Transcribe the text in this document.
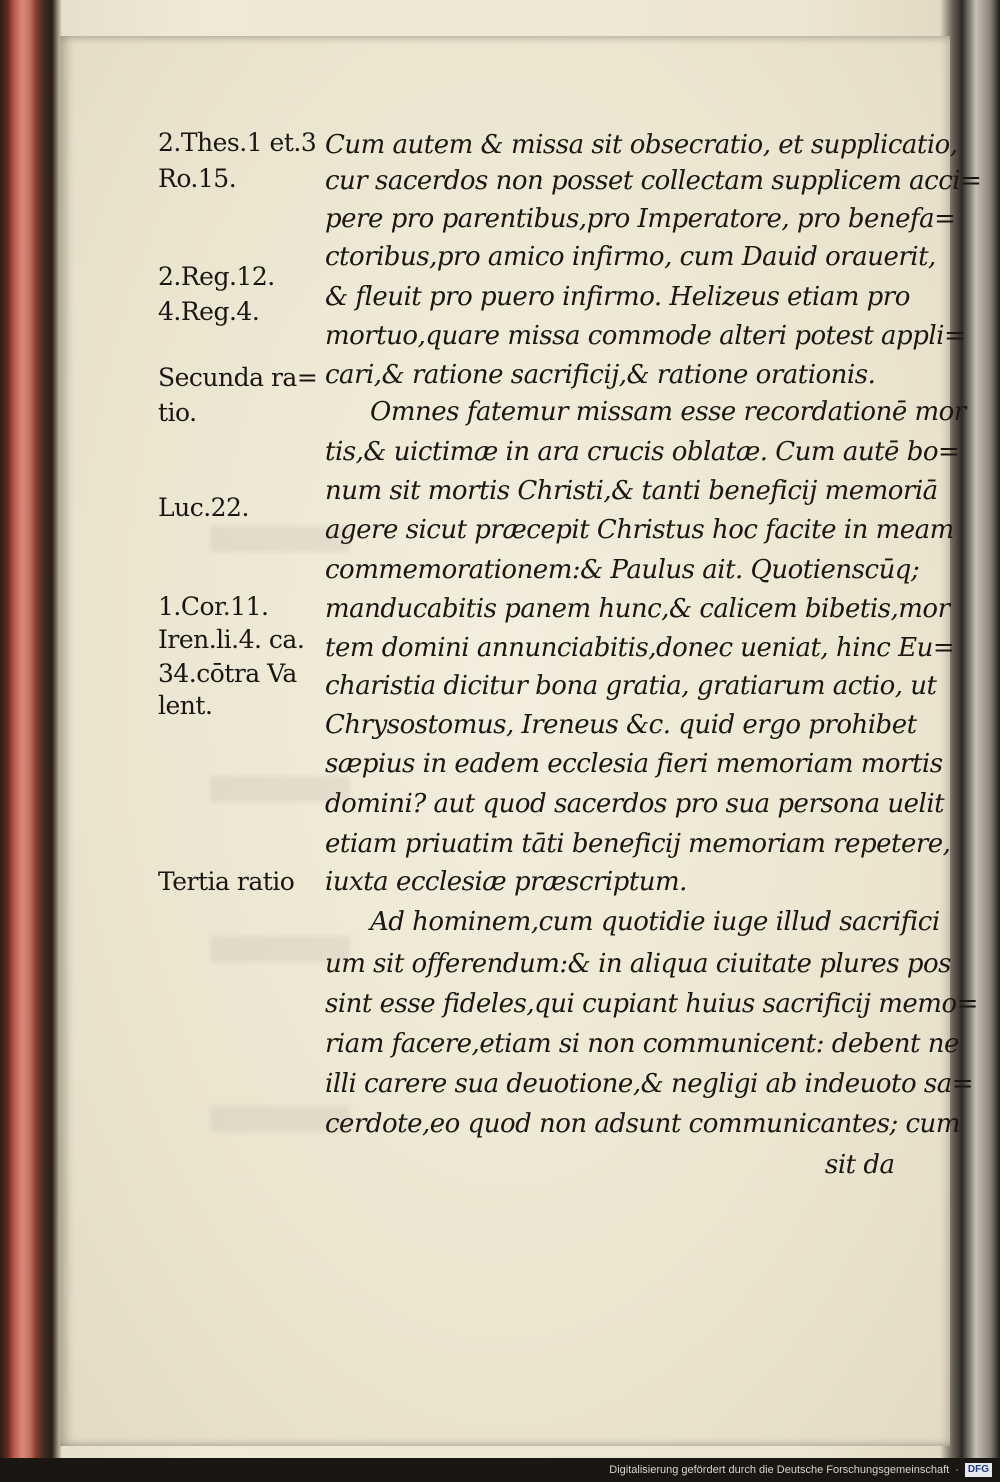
2.Thes.1 et.3
Ro.15.
2.Reg.12.
4.Reg.4.
Secunda ra=
tio.
Luc.22.
1.Cor.11.
Iren.li.4. ca.
34.cōtra Va
lent.
Tertia ratio
Cum autem & missa sit obsecratio, et supplicatio,
cur sacerdos non posset collectam supplicem acci=
pere pro parentibus,pro Imperatore, pro benefa=
ctoribus,pro amico infirmo, cum Dauid orauerit,
& fleuit pro puero infirmo. Helizeus etiam pro
mortuo,quare missa commode alteri potest appli=
cari,& ratione sacrificij,& ratione orationis.
Omnes fatemur missam esse recordationē mor
tis,& uictimæ in ara crucis oblatæ. Cum autē bo=
num sit mortis Christi,& tanti beneficij memoriā
agere sicut præcepit Christus hoc facite in meam
commemorationem:& Paulus ait. Quotienscūq;
manducabitis panem hunc,& calicem bibetis,mor
tem domini annunciabitis,donec ueniat, hinc Eu=
charistia dicitur bona gratia, gratiarum actio, ut
Chrysostomus, Ireneus &c. quid ergo prohibet
sæpius in eadem ecclesia fieri memoriam mortis
domini? aut quod sacerdos pro sua persona uelit
etiam priuatim tāti beneficij memoriam repetere,
iuxta ecclesiæ præscriptum.
Ad hominem,cum quotidie iuge illud sacrifici
um sit offerendum:& in aliqua ciuitate plures pos
sint esse fideles,qui cupiant huius sacrificij memo=
riam facere,etiam si non communicent: debent ne
illi carere sua deuotione,& negligi ab indeuoto sa=
cerdote,eo quod non adsunt communicantes; cum
sit da
Digitalisierung gefördert durch die Deutsche Forschungsgemeinschaft · DFG
